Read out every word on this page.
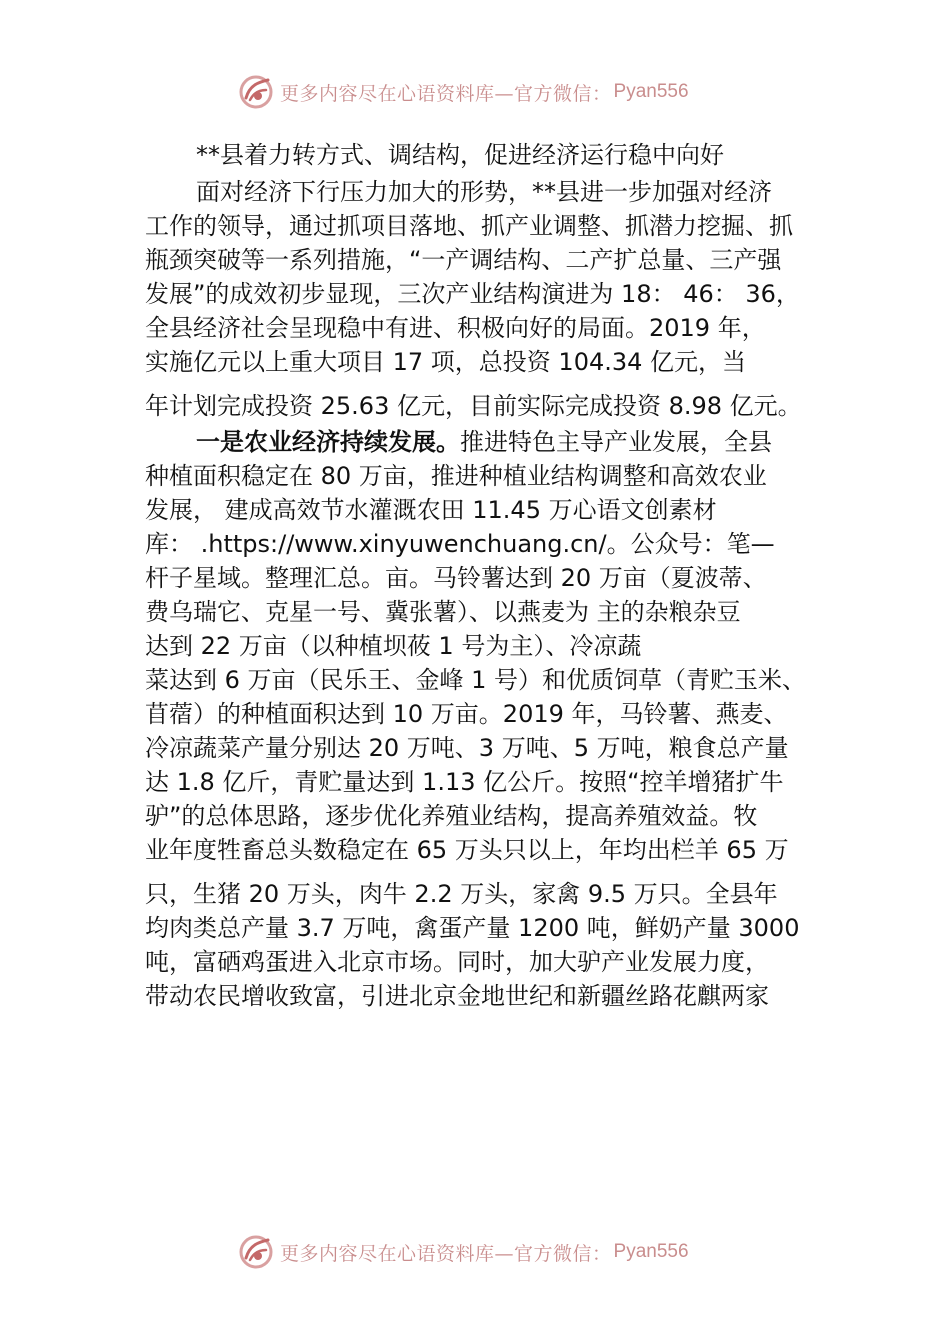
更多内容尽在心语资料库—官方微信： Pyan556
**县着力转方式、调结构，促进经济运行稳中向好
面对经济下行压力加大的形势，**县进一步加强对经济
工作的领导，通过抓项目落地、抓产业调整、抓潜力挖掘、抓
瓶颈突破等一系列措施，“一产调结构、二产扩总量、三产强
发展”的成效初步显现，三次产业结构演进为 18： 46： 36，
全县经济社会呈现稳中有进、积极向好的局面。2019 年，
实施亿元以上重大项目 17 项，总投资 104.34 亿元，当
年计划完成投资 25.63 亿元，目前实际完成投资 8.98 亿元。
一是农业经济持续发展。推进特色主导产业发展，全县
种植面积稳定在 80 万亩，推进种植业结构调整和高效农业
发展， 建成高效节水灌溉农田 11.45 万心语文创素材
库： .https://www.xinyuwenchuang.cn/。公众号：笔—
杆子星域。整理汇总。亩。马铃薯达到 20 万亩（夏波蒂、
费乌瑞它、克星一号、冀张薯）、以燕麦为 主的杂粮杂豆
达到 22 万亩（以种植坝莜 1 号为主）、冷凉蔬
菜达到 6 万亩（民乐王、金峰 1 号）和优质饲草（青贮玉米、
苜蓿）的种植面积达到 10 万亩。2019 年，马铃薯、燕麦、
冷凉蔬菜产量分别达 20 万吨、3 万吨、5 万吨，粮食总产量
达 1.8 亿斤，青贮量达到 1.13 亿公斤。按照“控羊增猪扩牛
驴”的总体思路，逐步优化养殖业结构，提高养殖效益。牧
业年度牲畜总头数稳定在 65 万头只以上，年均出栏羊 65 万
只，生猪 20 万头，肉牛 2.2 万头，家禽 9.5 万只。全县年
均肉类总产量 3.7 万吨，禽蛋产量 1200 吨，鲜奶产量 3000
吨，富硒鸡蛋进入北京市场。同时，加大驴产业发展力度，
带动农民增收致富，引进北京金地世纪和新疆丝路花麒两家
更多内容尽在心语资料库—官方微信： Pyan556
